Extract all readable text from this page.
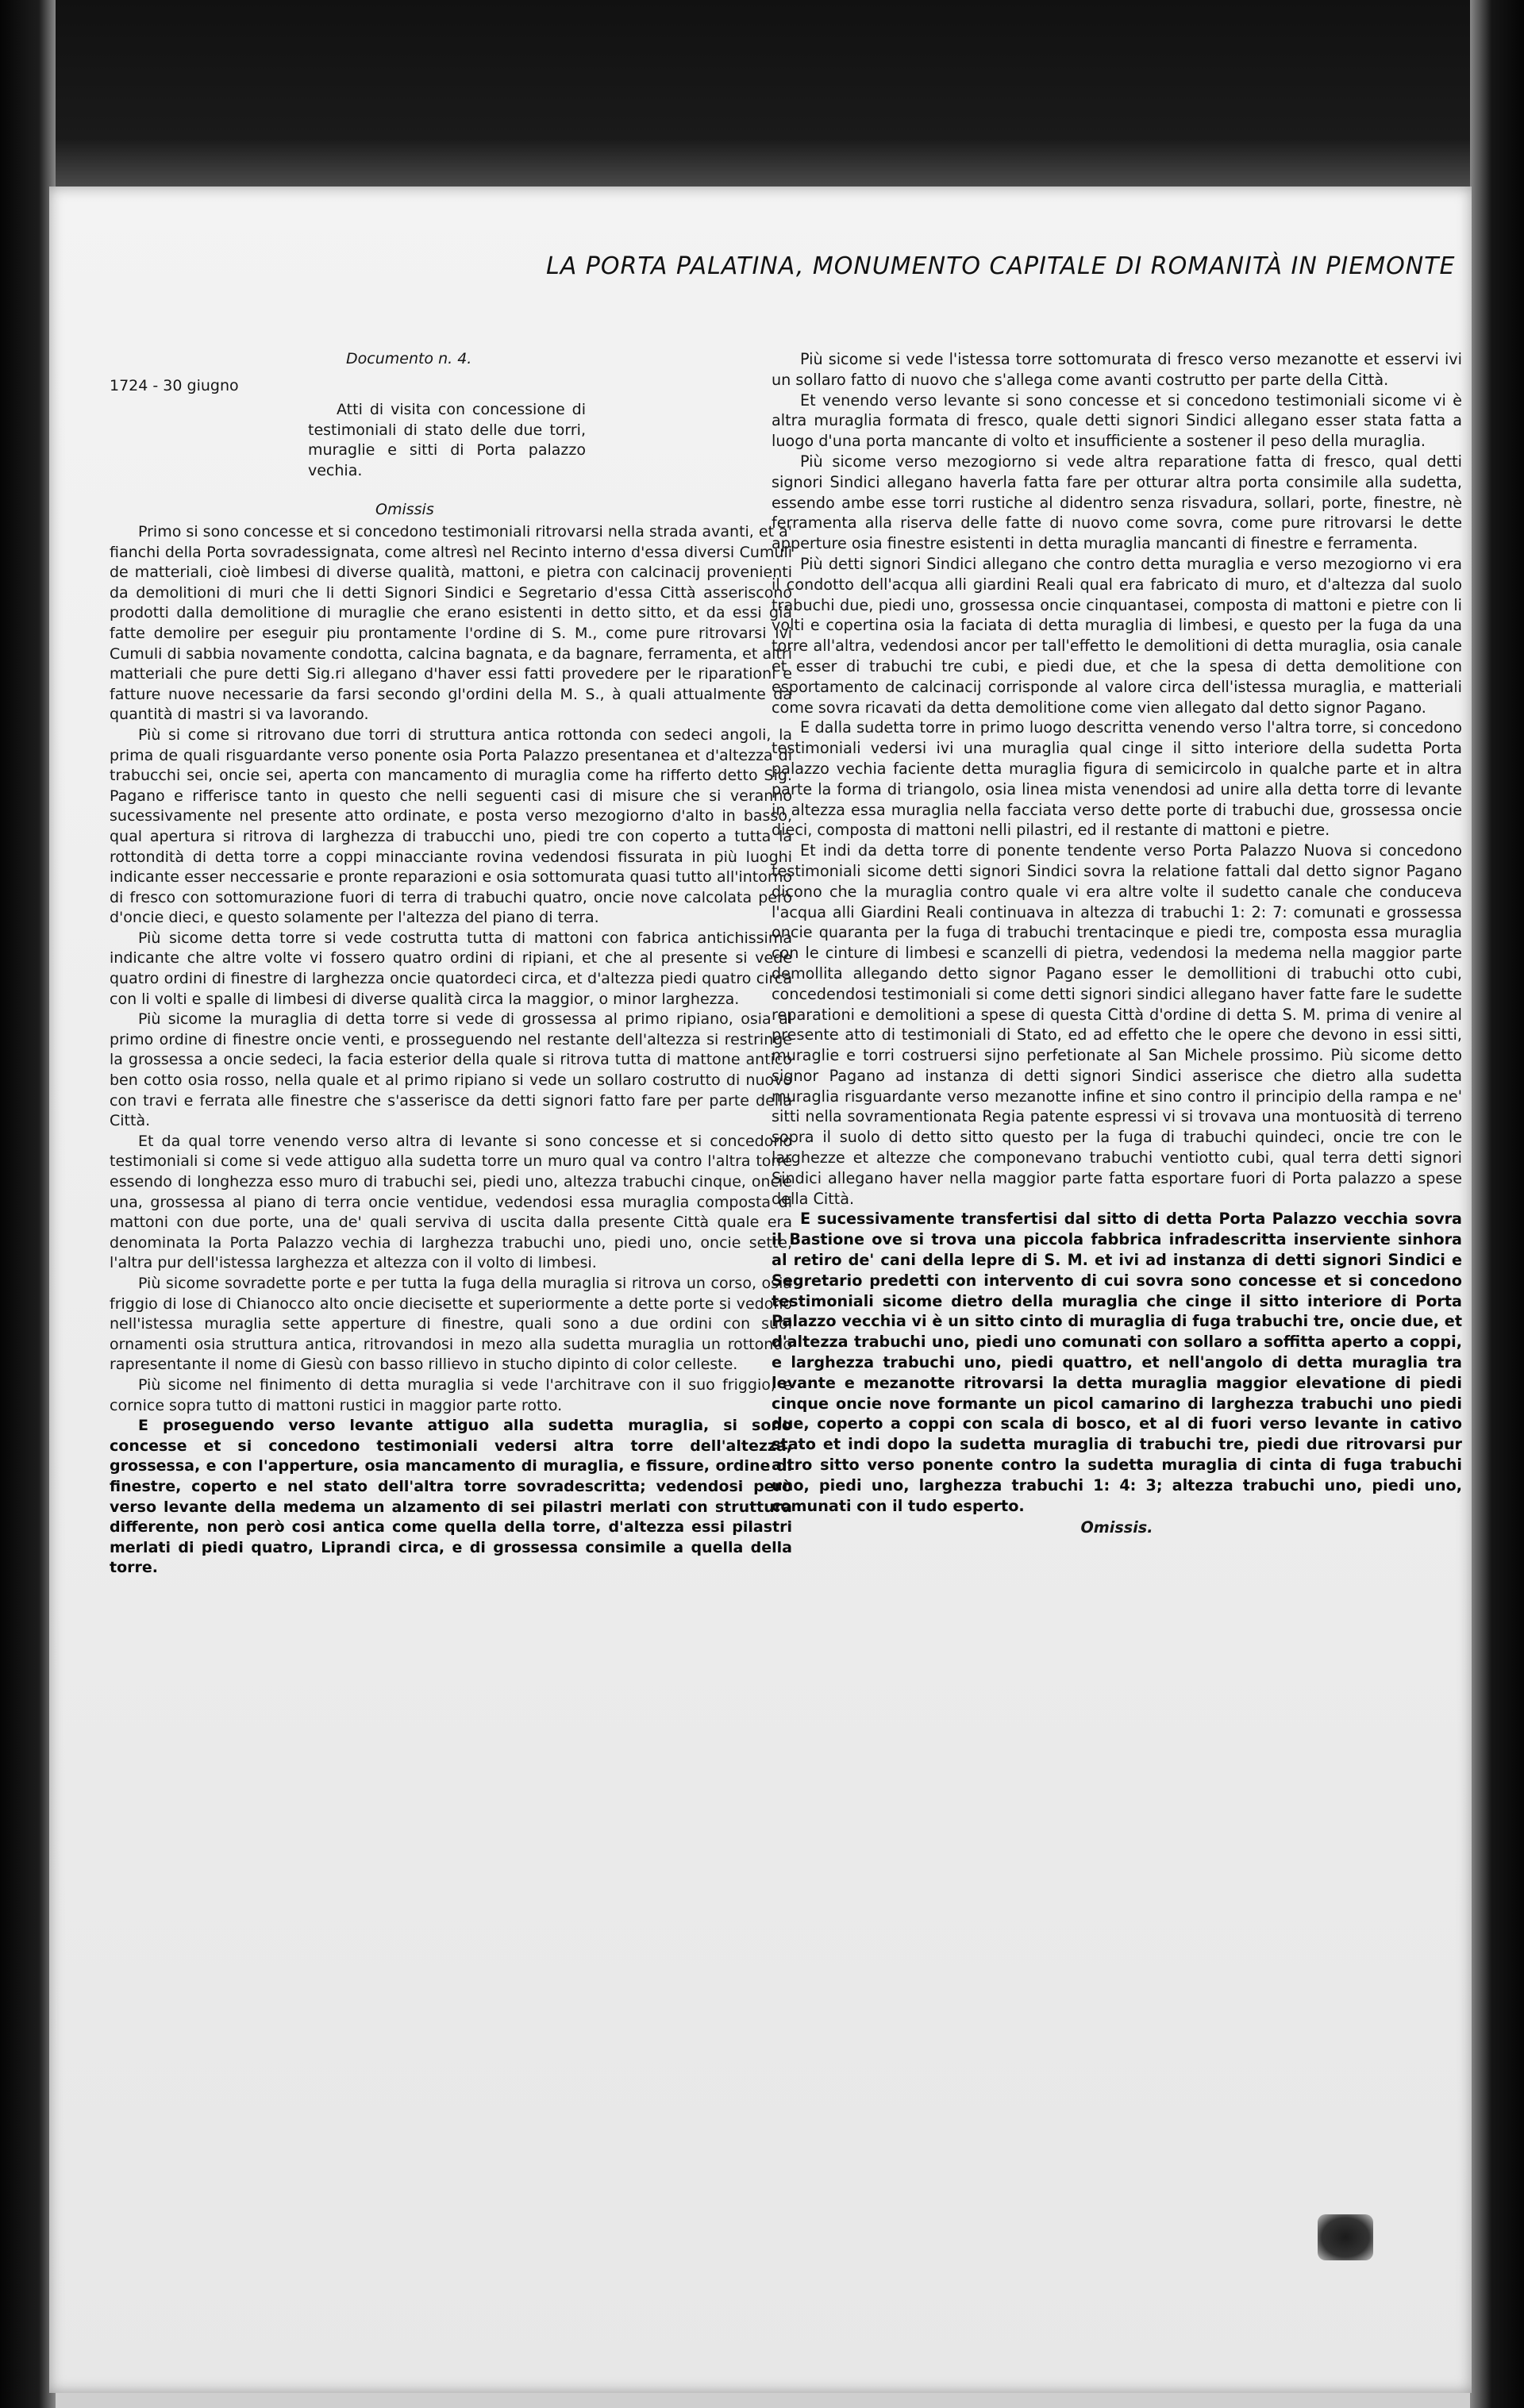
LA PORTA PALATINA, MONUMENTO CAPITALE DI ROMANITÀ IN PIEMONTE
Documento n. 4.
1724 - 30 giugno
Atti di visita con concessione di testimoniali di stato delle due torri, muraglie e sitti di Porta palazzo vechia.
Omissis

Primo si sono concesse et si concedono testimoniali ritrovarsi nella strada avanti, et a' fianchi della Porta sovradessignata, come altresì nel Recinto interno d'essa diversi Cumuli de matteriali, cioè limbesi di diverse qualità, mattoni, e pietra con calcinacij provenienti da demolitioni di muri che li detti Signori Sindici e Segretario d'essa Città asseriscono prodotti dalla demolitione di muraglie che erano esistenti in detto sitto, et da essi già fatte demolire per eseguir piu prontamente l'ordine di S. M., come pure ritrovarsi ivi Cumuli di sabbia novamente condotta, calcina bagnata, e da bagnare, ferramenta, et altri matteriali che pure detti Sig.ri allegano d'haver essi fatti provedere per le riparationi e fatture nuove necessarie da farsi secondo gl'ordini della M. S., à quali attualmente da quantità di mastri si va lavorando.

Più si come si ritrovano due torri di struttura antica rottonda con sedeci angoli, la prima de quali risguardante verso ponente osia Porta Palazzo presentanea et d'altezza di trabucchi sei, oncie sei, aperta con mancamento di muraglia come ha rifferto detto Sig. Pagano e rifferisce tanto in questo che nelli seguenti casi di misure che si veranno sucessivamente nel presente atto ordinate, e posta verso mezogiorno d'alto in basso, qual apertura si ritrova di larghezza di trabucchi uno, piedi tre con coperto a tutta la rottondità di detta torre a coppi minacciante rovina vedendosi fissurata in più luoghi indicante esser neccessarie e pronte reparazioni e osia sottomurata quasi tutto all'intorno di fresco con sottomurazione fuori di terra di trabuchi quatro, oncie nove calcolata però d'oncie dieci, e questo solamente per l'altezza del piano di terra.

Più sicome detta torre si vede costrutta tutta di mattoni con fabrica antichissima indicante che altre volte vi fossero quatro ordini di ripiani, et che al presente si vede quatro ordini di finestre di larghezza oncie quatordeci circa, et d'altezza piedi quatro circa con li volti e spalle di limbesi di diverse qualità circa la maggior, o minor larghezza.

Più sicome la muraglia di detta torre si vede di grossessa al primo ripiano, osia al primo ordine di finestre oncie venti, e prosseguendo nel restante dell'altezza si restringe la grossessa a oncie sedeci, la facia esterior della quale si ritrova tutta di mattone antico ben cotto osia rosso, nella quale et al primo ripiano si vede un sollaro costrutto di nuovo con travi e ferrata alle finestre che s'asserisce da detti signori fatto fare per parte della Città.

Et da qual torre venendo verso altra di levante si sono concesse et si concedono testimoniali si come si vede attiguo alla sudetta torre un muro qual va contro l'altra torre essendo di longhezza esso muro di trabuchi sei, piedi uno, altezza trabuchi cinque, oncie una, grossessa al piano di terra oncie ventidue, vedendosi essa muraglia composta di mattoni con due porte, una de' quali serviva di uscita dalla presente Città quale era denominata la Porta Palazzo vechia di larghezza trabuchi uno, piedi uno, oncie sette, l'altra pur dell'istessa larghezza et altezza con il volto di limbesi.

Più sicome sovradette porte e per tutta la fuga della muraglia si ritrova un corso, osia friggio di lose di Chianocco alto oncie diecisette et superiormente a dette porte si vedono nell'istessa muraglia sette apperture di finestre, quali sono a due ordini con suoi ornamenti osia struttura antica, ritrovandosi in mezo alla sudetta muraglia un rottondo rapresentante il nome di Giesù con basso rillievo in stucho dipinto di color celleste.

Più sicome nel finimento di detta muraglia si vede l'architrave con il suo friggio, e cornice sopra tutto di mattoni rustici in maggior parte rotto.

E proseguendo verso levante attiguo alla sudetta muraglia, si sono concesse et si concedono testimoniali vedersi altra torre dell'altezza, grossessa, e con l'apperture, osia mancamento di muraglia, e fissure, ordine di finestre, coperto e nel stato dell'altra torre sovradescritta; vedendosi però verso levante della medema un alzamento di sei pilastri merlati con struttura differente, non però cosi antica come quella della torre, d'altezza essi pilastri merlati di piedi quatro, Liprandi circa, e di grossessa consimile a quella della torre.

Più sicome si vede l'istessa torre sottomurata di fresco verso mezanotte et esservi ivi un sollaro fatto di nuovo che s'allega come avanti costrutto per parte della Città.

Et venendo verso levante si sono concesse et si concedono testimoniali sicome vi è altra muraglia formata di fresco, quale detti signori Sindici allegano esser stata fatta a luogo d'una porta mancante di volto et insufficiente a sostener il peso della muraglia.

Più sicome verso mezogiorno si vede altra reparatione fatta di fresco, qual detti signori Sindici allegano haverla fatta fare per otturar altra porta consimile alla sudetta, essendo ambe esse torri rustiche al didentro senza risvadura, sollari, porte, finestre, nè ferramenta alla riserva delle fatte di nuovo come sovra, come pure ritrovarsi le dette apperture osia finestre esistenti in detta muraglia mancanti di finestre e ferramenta.

Più detti signori Sindici allegano che contro detta muraglia e verso mezogiorno vi era il condotto dell'acqua alli giardini Reali qual era fabricato di muro, et d'altezza dal suolo trabuchi due, piedi uno, grossessa oncie cinquantasei, composta di mattoni e pietre con li volti e copertina osia la faciata di detta muraglia di limbesi, e questo per la fuga da una torre all'altra, vedendosi ancor per tall'effetto le demolitioni di detta muraglia, osia canale et esser di trabuchi tre cubi, e piedi due, et che la spesa di detta demolitione con esportamento de calcinacij corrisponde al valore circa dell'istessa muraglia, e matteriali come sovra ricavati da detta demolitione come vien allegato dal detto signor Pagano.

E dalla sudetta torre in primo luogo descritta venendo verso l'altra torre, si concedono testimoniali vedersi ivi una muraglia qual cinge il sitto interiore della sudetta Porta palazzo vechia faciente detta muraglia figura di semicircolo in qualche parte et in altra parte la forma di triangolo, osia linea mista venendosi ad unire alla detta torre di levante in altezza essa muraglia nella facciata verso dette porte di trabuchi due, grossessa oncie dieci, composta di mattoni nelli pilastri, ed il restante di mattoni e pietre.

Et indi da detta torre di ponente tendente verso Porta Palazzo Nuova si concedono testimoniali sicome detti signori Sindici sovra la relatione fattali dal detto signor Pagano dicono che la muraglia contro quale vi era altre volte il sudetto canale che conduceva l'acqua alli Giardini Reali continuava in altezza di trabuchi 1: 2: 7: comunati e grossessa oncie quaranta per la fuga di trabuchi trentacinque e piedi tre, composta essa muraglia con le cinture di limbesi e scanzelli di pietra, vedendosi la medema nella maggior parte demollita allegando detto signor Pagano esser le demollitioni di trabuchi otto cubi, concedendosi testimoniali si come detti signori sindici allegano haver fatte fare le sudette reparationi e demolitioni a spese di questa Città d'ordine di detta S. M. prima di venire al presente atto di testimoniali di Stato, ed ad effetto che le opere che devono in essi sitti, muraglie e torri costruersi sijno perfetionate al San Michele prossimo. Più sicome detto signor Pagano ad instanza di detti signori Sindici asserisce che dietro alla sudetta muraglia risguardante verso mezanotte infine et sino contro il principio della rampa e ne' sitti nella sovramentionata Regia patente espressi vi si trovava una montuosità di terreno sopra il suolo di detto sitto questo per la fuga di trabuchi quindeci, oncie tre con le larghezze et altezze che componevano trabuchi ventiotto cubi, qual terra detti signori Sindici allegano haver nella maggior parte fatta esportare fuori di Porta palazzo a spese della Città.

E sucessivamente transfertisi dal sitto di detta Porta Palazzo vecchia sovra il Bastione ove si trova una piccola fabbrica infradescritta inserviente sinhora al retiro de' cani della lepre di S. M. et ivi ad instanza di detti signori Sindici e Segretario predetti con intervento di cui sovra sono concesse et si concedono testimoniali sicome dietro della muraglia che cinge il sitto interiore di Porta Palazzo vecchia vi è un sitto cinto di muraglia di fuga trabuchi tre, oncie due, et d'altezza trabuchi uno, piedi uno comunati con sollaro a soffitta aperto a coppi, e larghezza trabuchi uno, piedi quattro, et nell'angolo di detta muraglia tra levante e mezanotte ritrovarsi la detta muraglia maggior elevatione di piedi cinque oncie nove formante un picol camarino di larghezza trabuchi uno piedi due, coperto a coppi con scala di bosco, et al di fuori verso levante in cativo stato et indi dopo la sudetta muraglia di trabuchi tre, piedi due ritrovarsi pur altro sitto verso ponente contro la sudetta muraglia di cinta di fuga trabuchi uno, piedi uno, larghezza trabuchi 1: 4: 3; altezza trabuchi uno, piedi uno, comunati con il tudo esperto.

Omissis.
